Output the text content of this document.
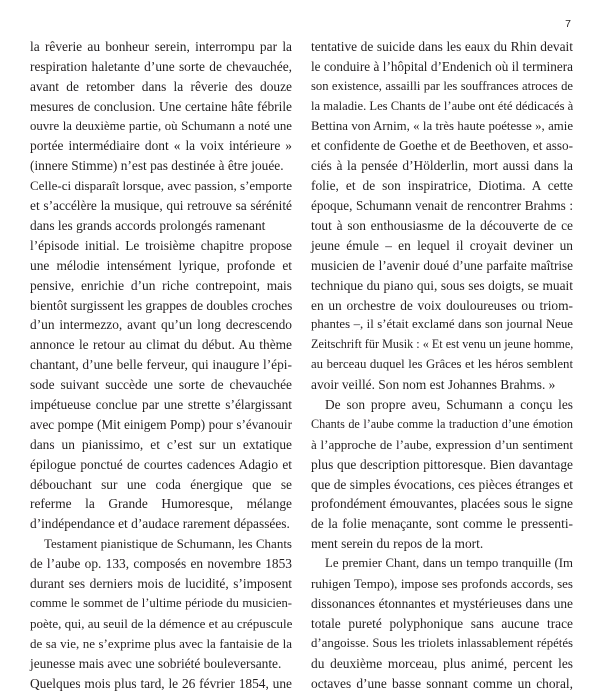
7
la rêverie au bonheur serein, interrompu par la
respiration haletante d’une sorte de chevauchée,
avant de retomber dans la rêverie des douze
mesures de conclusion. Une certaine hâte fébrile
ouvre la deuxième partie, où Schumann a noté une
portée intermédiaire dont « la voix intérieure »
(innere Stimme) n’est pas destinée à être jouée.
Celle-ci disparaît lorsque, avec passion, s’emporte
et s’accélère la musique, qui retrouve sa sérénité
dans les grands accords prolongés ramenant
l’épisode initial. Le troisième chapitre propose
une mélodie intensément lyrique, profonde et
pensive, enrichie d’un riche contrepoint, mais
bientôt surgissent les grappes de doubles croches
d’un intermezzo, avant qu’un long decrescendo
annonce le retour au climat du début. Au thème
chantant, d’une belle ferveur, qui inaugure l’épi-
sode suivant succède une sorte de chevauchée
impétueuse conclue par une strette s’élargissant
avec pompe (Mit einigem Pomp) pour s’évanouir
dans un pianissimo, et c’est sur un extatique
épilogue ponctué de courtes cadences Adagio et
débouchant sur une coda énergique que se
referme la Grande Humoresque, mélange
d’indépendance et d’audace rarement dépassées.
Testament pianistique de Schumann, les Chants
de l’aube op. 133, composés en novembre 1853
durant ses derniers mois de lucidité, s’imposent
comme le sommet de l’ultime période du musicien-
poète, qui, au seuil de la démence et au crépuscule
de sa vie, ne s’exprime plus avec la fantaisie de la
jeunesse mais avec une sobriété bouleversante.
Quelques mois plus tard, le 26 février 1854, une
tentative de suicide dans les eaux du Rhin devait
le conduire à l’hôpital d’Endenich où il terminera
son existence, assailli par les souffrances atroces de
la maladie. Les Chants de l’aube ont été dédicacés à
Bettina von Arnim, « la très haute poétesse », amie
et confidente de Goethe et de Beethoven, et asso-
ciés à la pensée d’Hölderlin, mort aussi dans la
folie, et de son inspiratrice, Diotima. A cette
époque, Schumann venait de rencontrer Brahms :
tout à son enthousiasme de la découverte de ce
jeune émule – en lequel il croyait deviner un
musicien de l’avenir doué d’une parfaite maîtrise
technique du piano qui, sous ses doigts, se muait
en un orchestre de voix douloureuses ou triom-
phantes –, il s’était exclamé dans son journal Neue
Zeitschrift für Musik : « Et est venu un jeune homme,
au berceau duquel les Grâces et les héros semblent
avoir veillé. Son nom est Johannes Brahms. »
De son propre aveu, Schumann a conçu les
Chants de l’aube comme la traduction d’une émotion
à l’approche de l’aube, expression d’un sentiment
plus que description pittoresque. Bien davantage
que de simples évocations, ces pièces étranges et
profondément émouvantes, placées sous le signe
de la folie menaçante, sont comme le pressenti-
ment serein du repos de la mort.
Le premier Chant, dans un tempo tranquille (Im
ruhigen Tempo), impose ses profonds accords, ses
dissonances étonnantes et mystérieuses dans une
totale pureté polyphonique sans aucune trace
d’angoisse. Sous les triolets inlassablement répétés
du deuxième morceau, plus animé, percent les
octaves d’une basse sonnant comme un choral,
